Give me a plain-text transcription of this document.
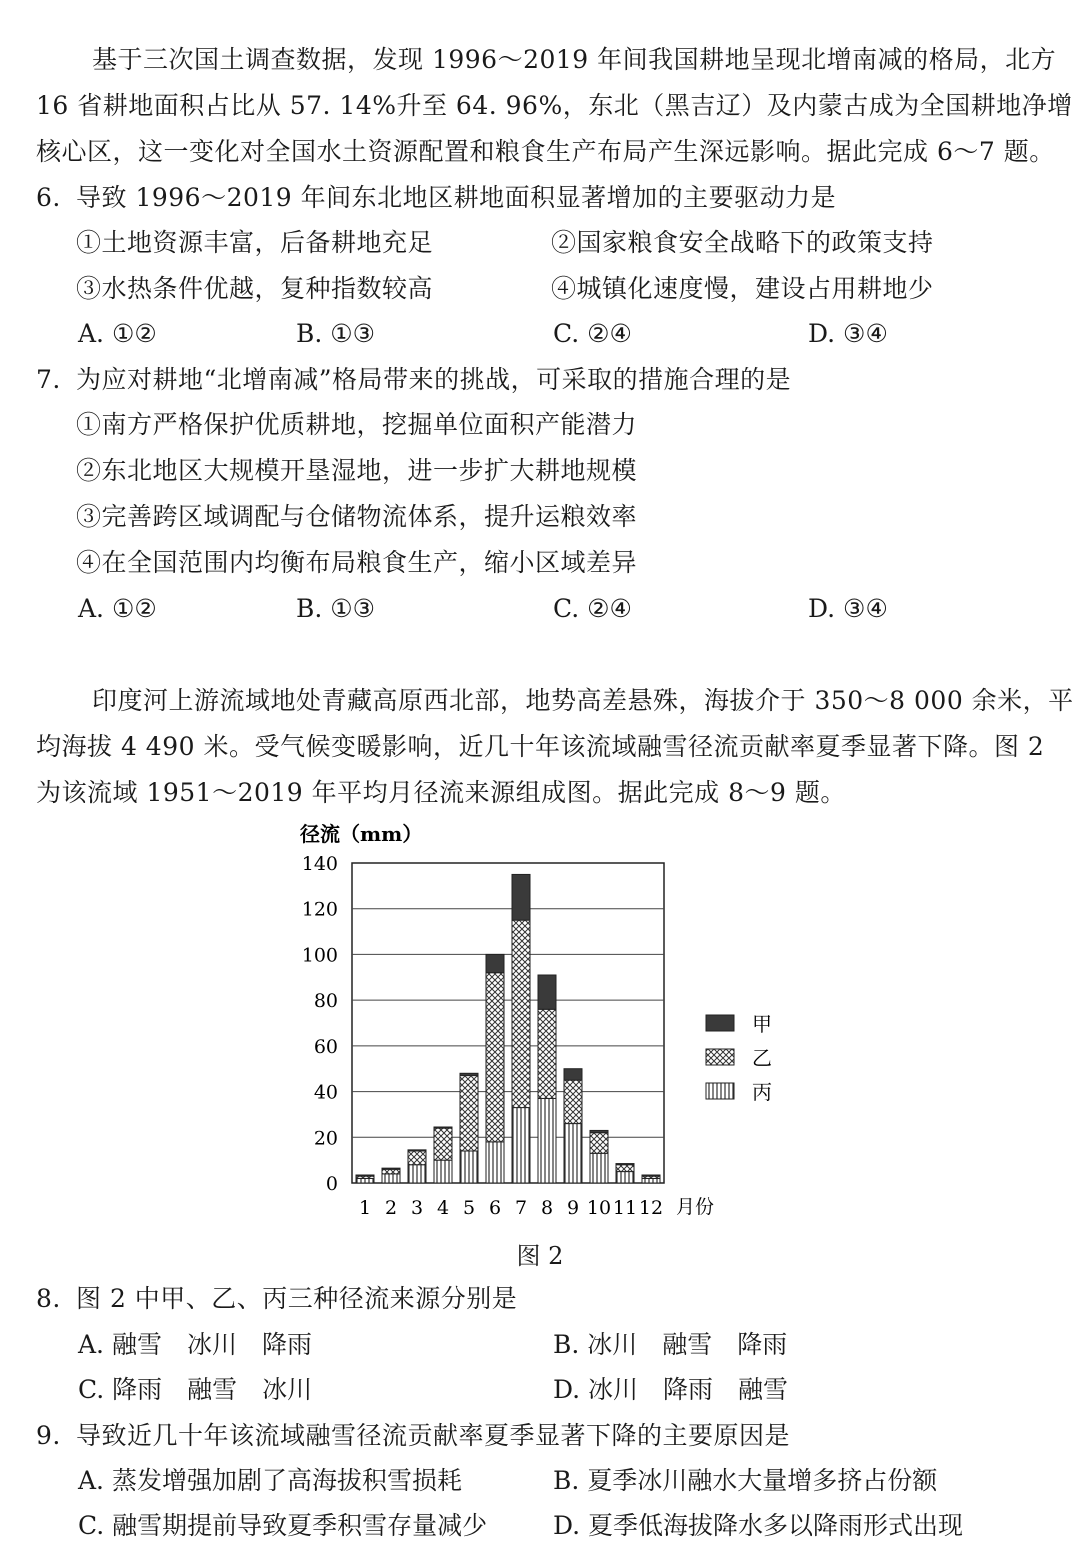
基于三次国土调查数据，发现 1996～2019 年间我国耕地呈现北增南减的格局，北方
16 省耕地面积占比从 57. 14%升至 64. 96%，东北（黑吉辽）及内蒙古成为全国耕地净增
核心区，这一变化对全国水土资源配置和粮食生产布局产生深远影响。据此完成 6～7 题。
6. 导致 1996～2019 年间东北地区耕地面积显著增加的主要驱动力是
①土地资源丰富，后备耕地充足	②国家粮食安全战略下的政策支持
③水热条件优越，复种指数较高	④城镇化速度慢，建设占用耕地少
A. ①②	B. ①③	C. ②④	D. ③④
7. 为应对耕地“北增南减”格局带来的挑战，可采取的措施合理的是
①南方严格保护优质耕地，挖掘单位面积产能潜力
②东北地区大规模开垦湿地，进一步扩大耕地规模
③完善跨区域调配与仓储物流体系，提升运粮效率
④在全国范围内均衡布局粮食生产，缩小区域差异
A. ①②	B. ①③	C. ②④	D. ③④
印度河上游流域地处青藏高原西北部，地势高差悬殊，海拔介于 350～8 000 余米，平
均海拔 4 490 米。受气候变暖影响，近几十年该流域融雪径流贡献率夏季显著下降。图 2
为该流域 1951～2019 年平均月径流来源组成图。据此完成 8～9 题。
径流（mm）
0
20
40
60
80
100
120
140
1 2 3 4 5 6 7 8 9 10 11 12 月份
甲
乙
丙
图 2
8. 图 2 中甲、乙、丙三种径流来源分别是
A. 融雪　冰川　降雨	B. 冰川　融雪　降雨
C. 降雨　融雪　冰川	D. 冰川　降雨　融雪
9. 导致近几十年该流域融雪径流贡献率夏季显著下降的主要原因是
A. 蒸发增强加剧了高海拔积雪损耗	B. 夏季冰川融水大量增多挤占份额
C. 融雪期提前导致夏季积雪存量减少	D. 夏季低海拔降水多以降雨形式出现
